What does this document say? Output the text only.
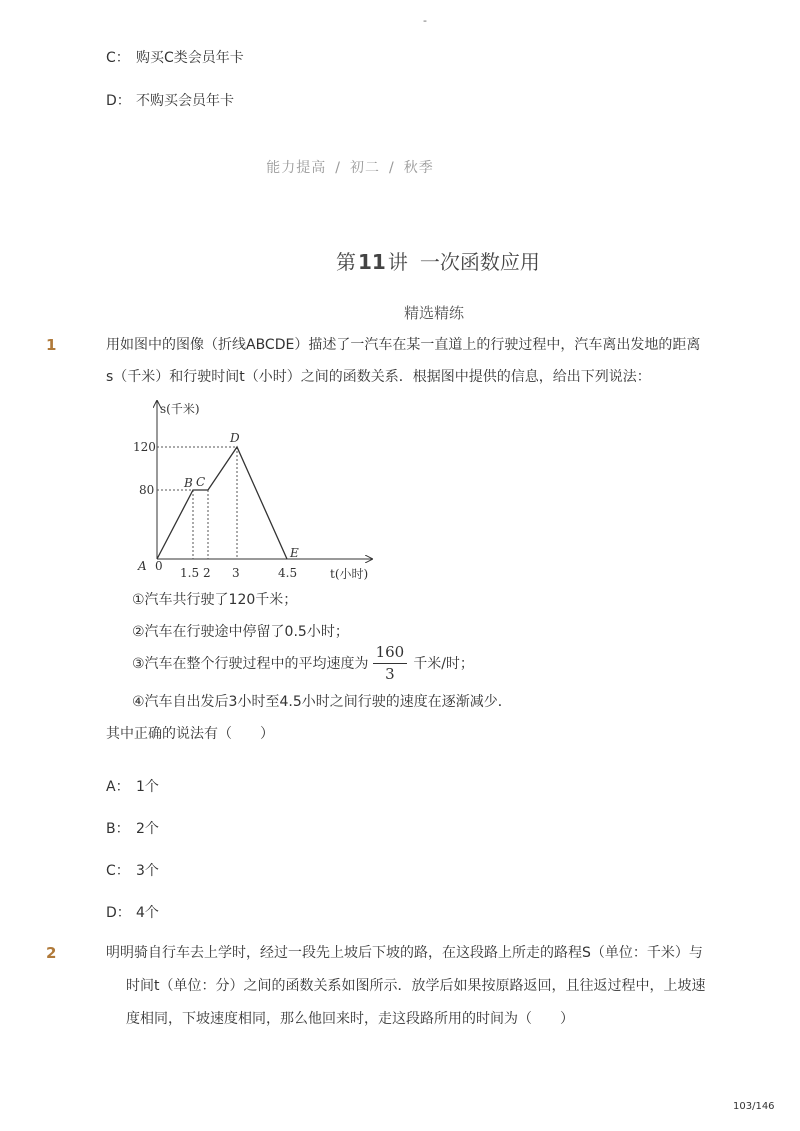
-
C： 购买C类会员年卡
D： 不购买会员年卡
能力提高 / 初二 / 秋季
第 11 讲 一次函数应用
精选精练
1	用如图中的图像（折线ABCDE）描述了一汽车在某一直道上的行驶过程中，汽车离出发地的距离
s（千米）和行驶时间t（小时）之间的函数关系．根据图中提供的信息，给出下列说法：
s(千米)
t(小时)
120
80
A 0 1.5 2 3	4.5
B C
D
E
①汽车共行驶了120千米；
②汽车在行驶途中停留了0.5小时；
③汽车在整个行驶过程中的平均速度为 $\frac{160}{3}$ 千米/时；
④汽车自出发后3小时至4.5小时之间行驶的速度在逐渐减少．
其中正确的说法有（　　）
A： 1个
B： 2个
C： 3个
D： 4个
2	明明骑自行车去上学时，经过一段先上坡后下坡的路，在这段路上所走的路程S（单位：千米）与
时间t（单位：分）之间的函数关系如图所示．放学后如果按原路返回，且往返过程中，上坡速
度相同，下坡速度相同，那么他回来时，走这段路所用的时间为（　　）
103/146
